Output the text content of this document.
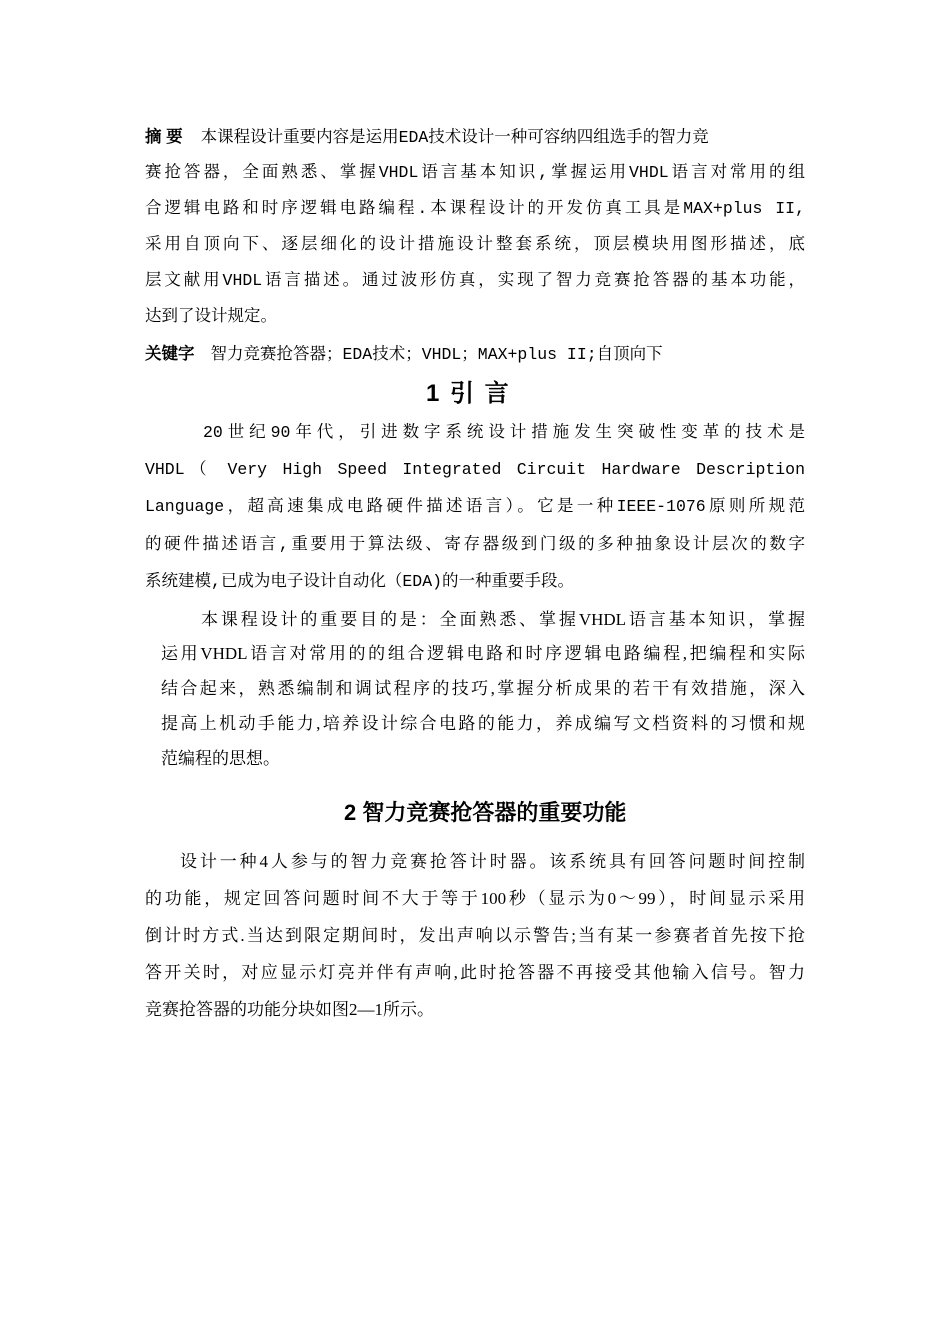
摘 要 本课程设计重要内容是运用EDA技术设计一种可容纳四组选手的智力竞
赛抢答器，全面熟悉、掌握VHDL语言基本知识,掌握运用VHDL语言对常用的组
合逻辑电路和时序逻辑电路编程.本课程设计的开发仿真工具是MAX+plus II,
采用自顶向下、逐层细化的设计措施设计整套系统，顶层模块用图形描述，底
层文献用VHDL语言描述。通过波形仿真，实现了智力竞赛抢答器的基本功能，
达到了设计规定。
关键字 智力竞赛抢答器；EDA技术；VHDL；MAX+plus II;自顶向下
1 引 言
20世纪90年代，引进数字系统设计措施发生突破性变革的技术是
VHDL（ Very High Speed Integrated Circuit Hardware Description
Language，超高速集成电路硬件描述语言）。它是一种IEEE-1076原则所规范
的硬件描述语言,重要用于算法级、寄存器级到门级的多种抽象设计层次的数字
系统建模,已成为电子设计自动化（EDA)的一种重要手段。
本课程设计的重要目的是：全面熟悉、掌握VHDL语言基本知识，掌握
运用VHDL语言对常用的的组合逻辑电路和时序逻辑电路编程,把编程和实际
结合起来，熟悉编制和调试程序的技巧,掌握分析成果的若干有效措施，深入
提高上机动手能力,培养设计综合电路的能力，养成编写文档资料的习惯和规
范编程的思想。
2 智力竞赛抢答器的重要功能
设计一种4人参与的智力竞赛抢答计时器。该系统具有回答问题时间控制
的功能，规定回答问题时间不大于等于100秒（显示为0～99），时间显示采用
倒计时方式.当达到限定期间时，发出声响以示警告;当有某一参赛者首先按下抢
答开关时，对应显示灯亮并伴有声响,此时抢答器不再接受其他输入信号。智力
竞赛抢答器的功能分块如图2—1所示。
